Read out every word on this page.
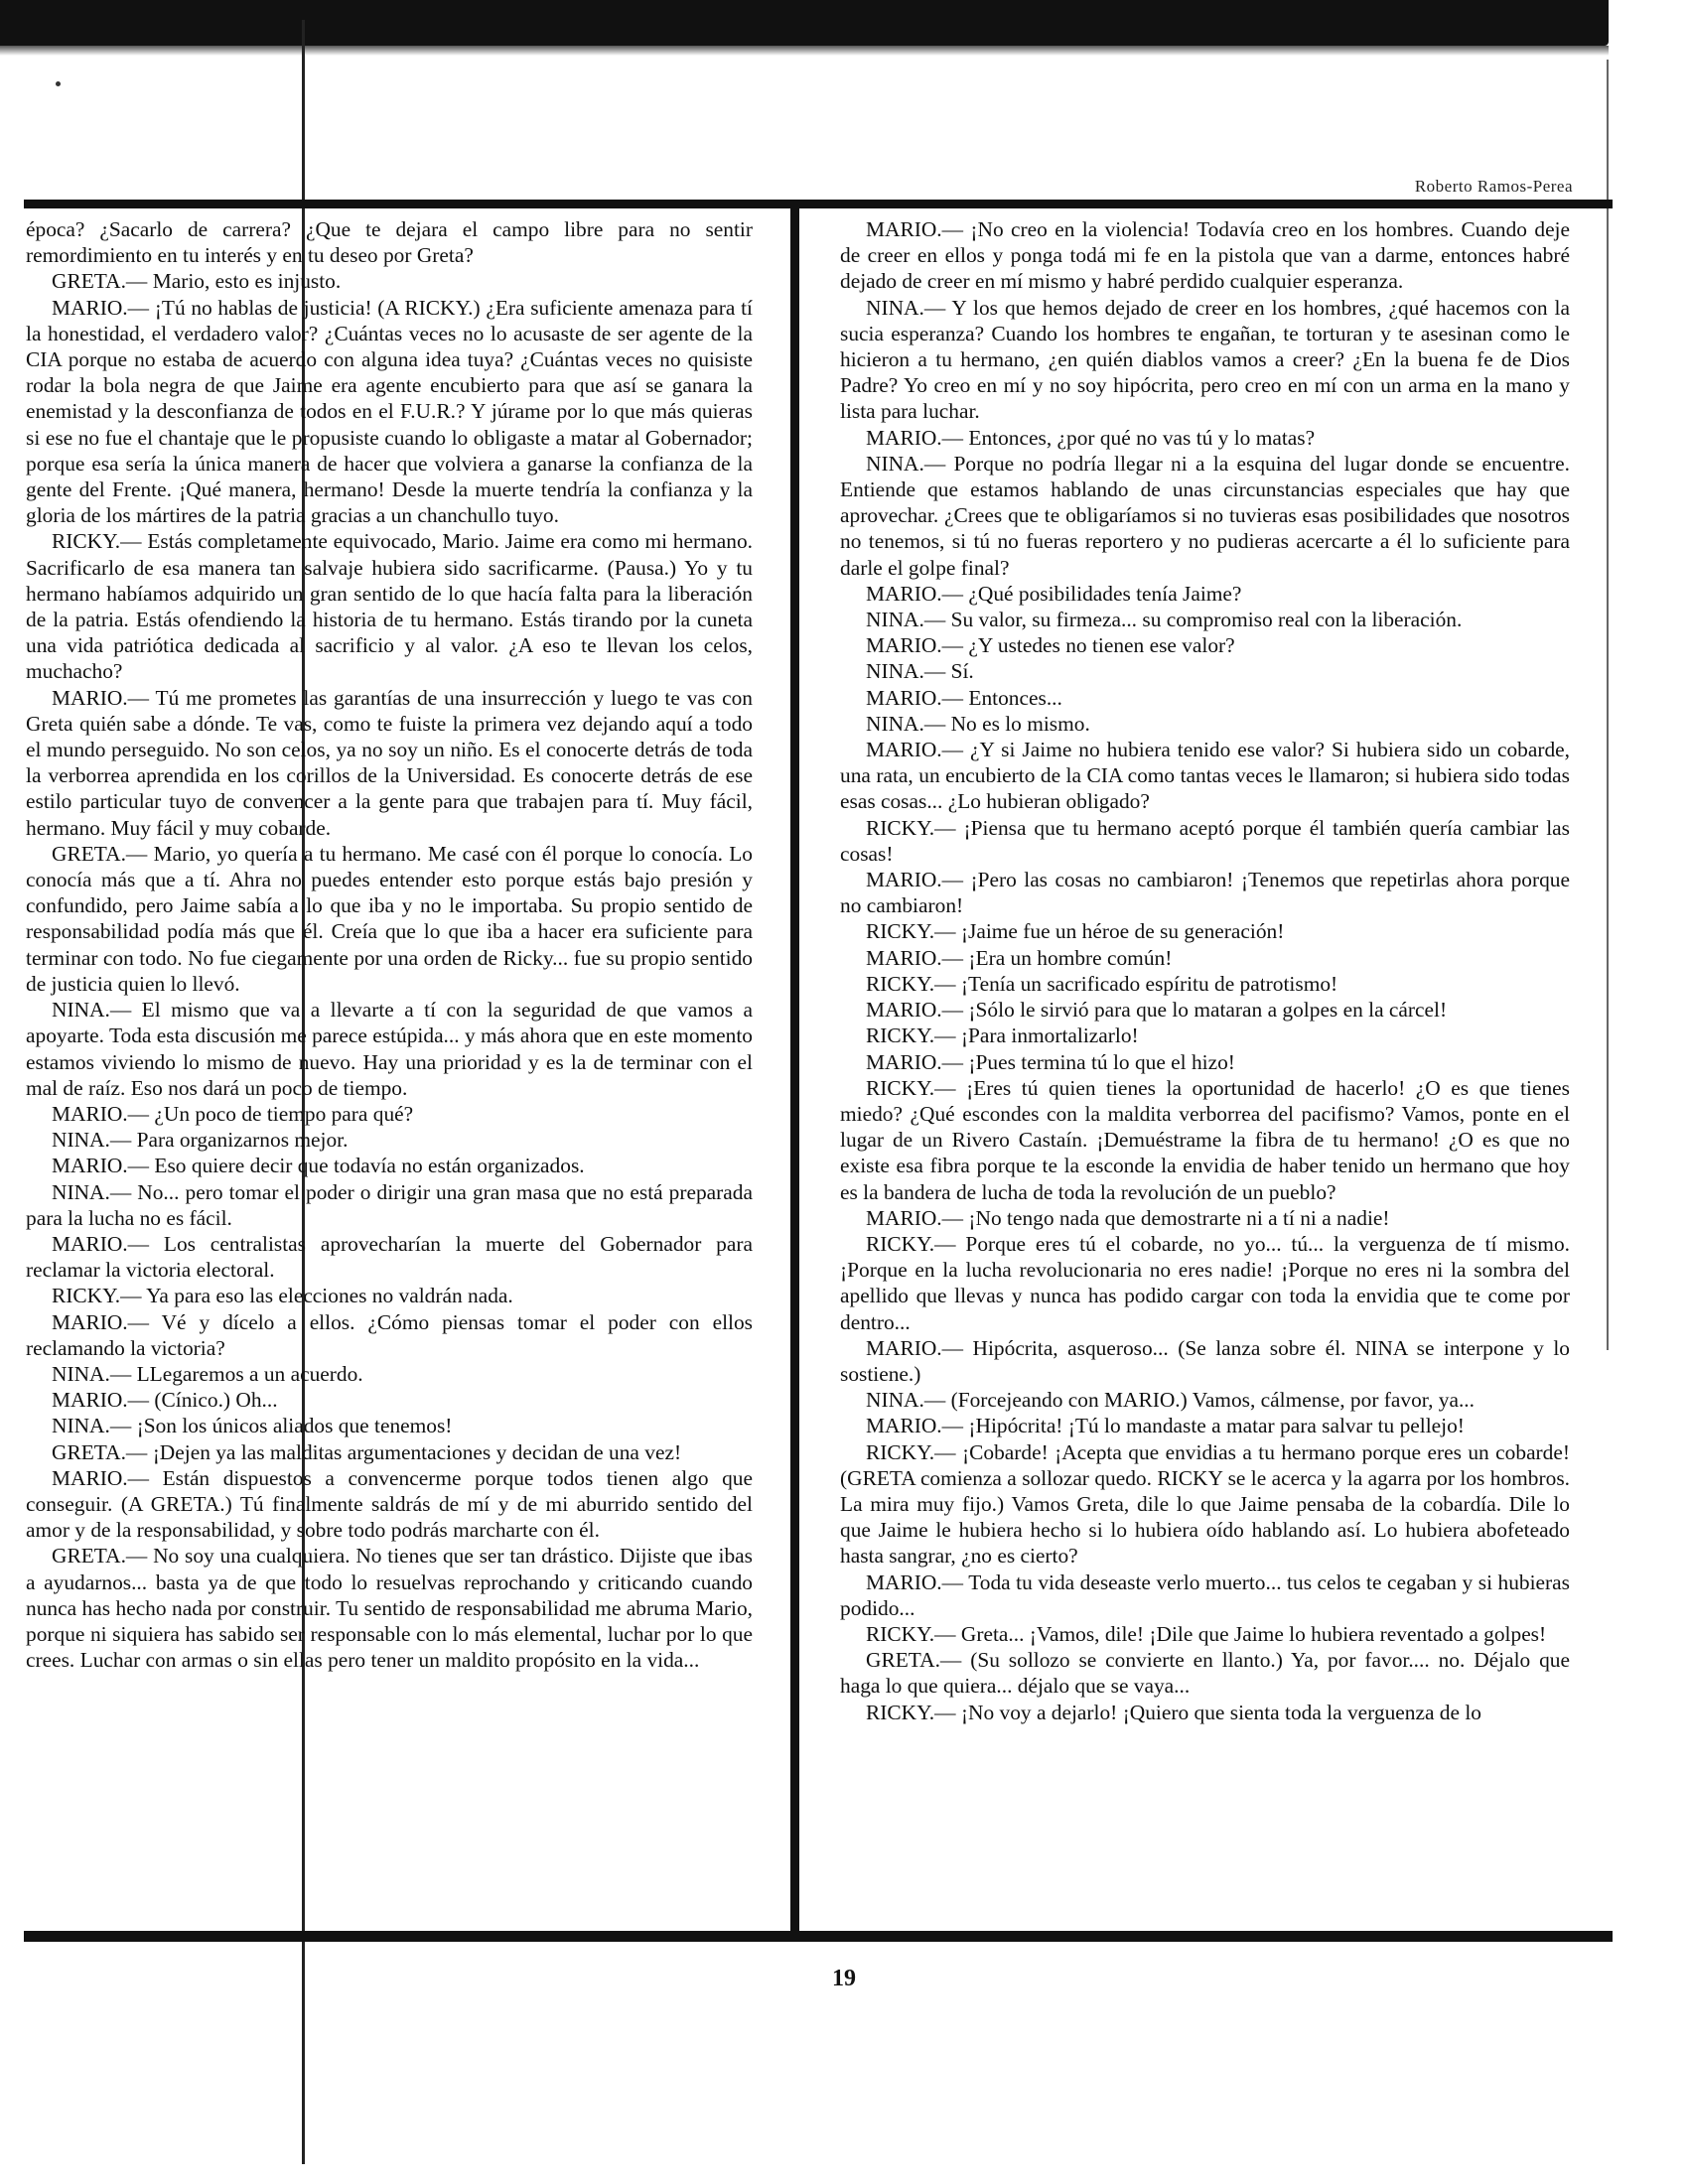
Roberto Ramos-Perea

época? ¿Sacarlo de carrera? ¿Que te dejara el campo libre para no sentir remordimiento en tu interés y en tu deseo por Greta?

GRETA.— Mario, esto es injusto.

MARIO.— ¡Tú no hablas de justicia! (A RICKY.) ¿Era suficiente amenaza para tí la honestidad, el verdadero valor? ¿Cuántas veces no lo acusaste de ser agente de la CIA porque no estaba de acuerdo con alguna idea tuya? ¿Cuántas veces no quisiste rodar la bola negra de que Jaime era agente encubierto para que así se ganara la enemistad y la desconfianza de todos en el F.U.R.? Y júrame por lo que más quieras si ese no fue el chantaje que le propusiste cuando lo obligaste a matar al Gobernador; porque esa sería la única manera de hacer que volviera a ganarse la confianza de la gente del Frente. ¡Qué manera, hermano! Desde la muerte tendría la confianza y la gloria de los mártires de la patria gracias a un chanchullo tuyo.

RICKY.— Estás completamente equivocado, Mario. Jaime era como mi hermano. Sacrificarlo de esa manera tan salvaje hubiera sido sacrificarme. (Pausa.) Yo y tu hermano habíamos adquirido un gran sentido de lo que hacía falta para la liberación de la patria. Estás ofendiendo la historia de tu hermano. Estás tirando por la cuneta una vida patriótica dedicada al sacrificio y al valor. ¿A eso te llevan los celos, muchacho?

MARIO.— Tú me prometes las garantías de una insurrección y luego te vas con Greta quién sabe a dónde. Te vas, como te fuiste la primera vez dejando aquí a todo el mundo perseguido. No son celos, ya no soy un niño. Es el conocerte detrás de toda la verborrea aprendida en los corillos de la Universidad. Es conocerte detrás de ese estilo particular tuyo de convencer a la gente para que trabajen para tí. Muy fácil, hermano. Muy fácil y muy cobarde.

GRETA.— Mario, yo quería a tu hermano. Me casé con él porque lo conocía. Lo conocía más que a tí. Ahra no puedes entender esto porque estás bajo presión y confundido, pero Jaime sabía a lo que iba y no le importaba. Su propio sentido de responsabilidad podía más que él. Creía que lo que iba a hacer era suficiente para terminar con todo. No fue ciegamente por una orden de Ricky... fue su propio sentido de justicia quien lo llevó.

NINA.— El mismo que va a llevarte a tí con la seguridad de que vamos a apoyarte. Toda esta discusión me parece estúpida... y más ahora que en este momento estamos viviendo lo mismo de nuevo. Hay una prioridad y es la de terminar con el mal de raíz. Eso nos dará un poco de tiempo.

MARIO.— ¿Un poco de tiempo para qué?

NINA.— Para organizarnos mejor.

MARIO.— Eso quiere decir que todavía no están organizados.

NINA.— No... pero tomar el poder o dirigir una gran masa que no está preparada para la lucha no es fácil.

MARIO.— Los centralistas aprovecharían la muerte del Gobernador para reclamar la victoria electoral.

RICKY.— Ya para eso las elecciones no valdrán nada.

MARIO.— Vé y dícelo a ellos. ¿Cómo piensas tomar el poder con ellos reclamando la victoria?

NINA.— LLegaremos a un acuerdo.

MARIO.— (Cínico.) Oh...

NINA.— ¡Son los únicos aliados que tenemos!

GRETA.— ¡Dejen ya las malditas argumentaciones y decidan de una vez!

MARIO.— Están dispuestos a convencerme porque todos tienen algo que conseguir. (A GRETA.) Tú finalmente saldrás de mí y de mi aburrido sentido del amor y de la responsabilidad, y sobre todo podrás marcharte con él.

GRETA.— No soy una cualquiera. No tienes que ser tan drástico. Dijiste que ibas a ayudarnos... basta ya de que todo lo resuelvas reprochando y criticando cuando nunca has hecho nada por construir. Tu sentido de responsabilidad me abruma Mario, porque ni siquiera has sabido ser responsable con lo más elemental, luchar por lo que crees. Luchar con armas o sin ellas pero tener un maldito propósito en la vida...

MARIO.— ¡No creo en la violencia! Todavía creo en los hombres. Cuando deje de creer en ellos y ponga todá mi fe en la pistola que van a darme, entonces habré dejado de creer en mí mismo y habré perdido cualquier esperanza.

NINA.— Y los que hemos dejado de creer en los hombres, ¿qué hacemos con la sucia esperanza? Cuando los hombres te engañan, te torturan y te asesinan como le hicieron a tu hermano, ¿en quién diablos vamos a creer? ¿En la buena fe de Dios Padre? Yo creo en mí y no soy hipócrita, pero creo en mí con un arma en la mano y lista para luchar.

MARIO.— Entonces, ¿por qué no vas tú y lo matas?

NINA.— Porque no podría llegar ni a la esquina del lugar donde se encuentre. Entiende que estamos hablando de unas circunstancias especiales que hay que aprovechar. ¿Crees que te obligaríamos si no tuvieras esas posibilidades que nosotros no tenemos, si tú no fueras reportero y no pudieras acercarte a él lo suficiente para darle el golpe final?

MARIO.— ¿Qué posibilidades tenía Jaime?

NINA.— Su valor, su firmeza... su compromiso real con la liberación.

MARIO.— ¿Y ustedes no tienen ese valor?

NINA.— Sí.

MARIO.— Entonces...

NINA.— No es lo mismo.

MARIO.— ¿Y si Jaime no hubiera tenido ese valor? Si hubiera sido un cobarde, una rata, un encubierto de la CIA como tantas veces le llamaron; si hubiera sido todas esas cosas... ¿Lo hubieran obligado?

RICKY.— ¡Piensa que tu hermano aceptó porque él también quería cambiar las cosas!

MARIO.— ¡Pero las cosas no cambiaron! ¡Tenemos que repetirlas ahora porque no cambiaron!

RICKY.— ¡Jaime fue un héroe de su generación!

MARIO.— ¡Era un hombre común!

RICKY.— ¡Tenía un sacrificado espíritu de patrotismo!

MARIO.— ¡Sólo le sirvió para que lo mataran a golpes en la cárcel!

RICKY.— ¡Para inmortalizarlo!

MARIO.— ¡Pues termina tú lo que el hizo!

RICKY.— ¡Eres tú quien tienes la oportunidad de hacerlo! ¿O es que tienes miedo? ¿Qué escondes con la maldita verborrea del pacifismo? Vamos, ponte en el lugar de un Rivero Castaín. ¡Demuéstrame la fibra de tu hermano! ¿O es que no existe esa fibra porque te la esconde la envidia de haber tenido un hermano que hoy es la bandera de lucha de toda la revolución de un pueblo?

MARIO.— ¡No tengo nada que demostrarte ni a tí ni a nadie!

RICKY.— Porque eres tú el cobarde, no yo... tú... la verguenza de tí mismo. ¡Porque en la lucha revolucionaria no eres nadie! ¡Porque no eres ni la sombra del apellido que llevas y nunca has podido cargar con toda la envidia que te come por dentro...

MARIO.— Hipócrita, asqueroso... (Se lanza sobre él. NINA se interpone y lo sostiene.)

NINA.— (Forcejeando con MARIO.) Vamos, cálmense, por favor, ya...

MARIO.— ¡Hipócrita! ¡Tú lo mandaste a matar para salvar tu pellejo!

RICKY.— ¡Cobarde! ¡Acepta que envidias a tu hermano porque eres un cobarde! (GRETA comienza a sollozar quedo. RICKY se le acerca y la agarra por los hombros. La mira muy fijo.) Vamos Greta, dile lo que Jaime pensaba de la cobardía. Dile lo que Jaime le hubiera hecho si lo hubiera oído hablando así. Lo hubiera abofeteado hasta sangrar, ¿no es cierto?

MARIO.— Toda tu vida deseaste verlo muerto... tus celos te cegaban y si hubieras podido...

RICKY.— Greta... ¡Vamos, dile! ¡Dile que Jaime lo hubiera reventado a golpes!

GRETA.— (Su sollozo se convierte en llanto.) Ya, por favor.... no. Déjalo que haga lo que quiera... déjalo que se vaya...

RICKY.— ¡No voy a dejarlo! ¡Quiero que sienta toda la verguenza de lo

19
